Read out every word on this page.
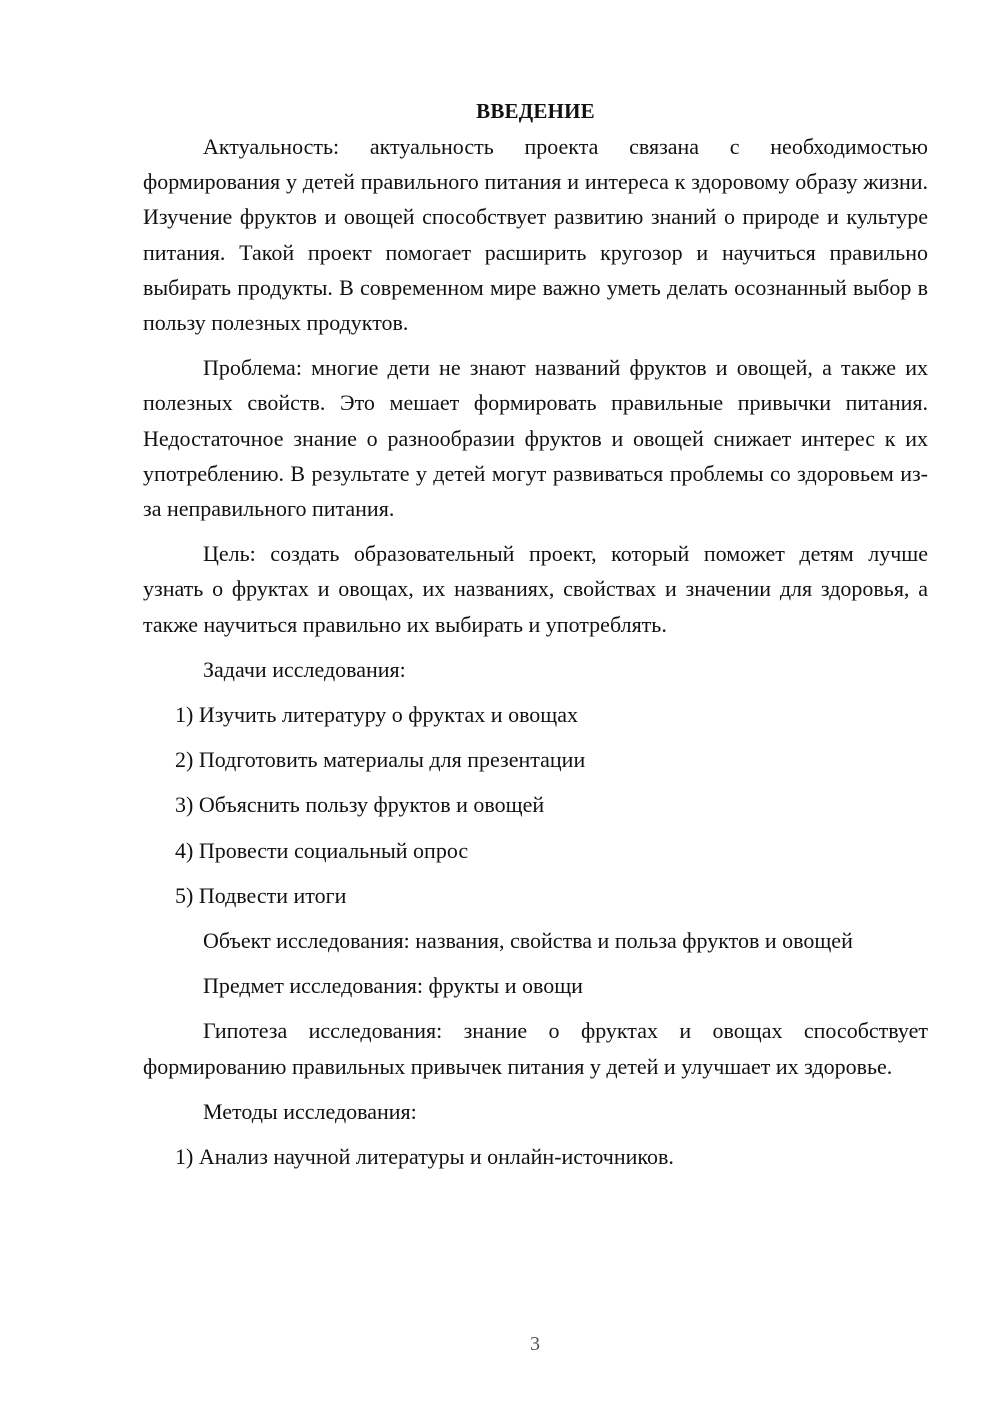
ВВЕДЕНИЕ

Актуальность: актуальность проекта связана с необходимостью формирования у детей правильного питания и интереса к здоровому образу жизни. Изучение фруктов и овощей способствует развитию знаний о природе и культуре питания. Такой проект помогает расширить кругозор и научиться правильно выбирать продукты. В современном мире важно уметь делать осознанный выбор в пользу полезных продуктов.

Проблема: многие дети не знают названий фруктов и овощей, а также их полезных свойств. Это мешает формировать правильные привычки питания. Недостаточное знание о разнообразии фруктов и овощей снижает интерес к их употреблению. В результате у детей могут развиваться проблемы со здоровьем из-за неправильного питания.

Цель: создать образовательный проект, который поможет детям лучше узнать о фруктах и овощах, их названиях, свойствах и значении для здоровья, а также научиться правильно их выбирать и употреблять.

Задачи исследования:

1) Изучить литературу о фруктах и овощах
2) Подготовить материалы для презентации
3) Объяснить пользу фруктов и овощей
4) Провести социальный опрос
5) Подвести итоги

Объект исследования: названия, свойства и польза фруктов и овощей

Предмет исследования: фрукты и овощи

Гипотеза исследования: знание о фруктах и овощах способствует формированию правильных привычек питания у детей и улучшает их здоровье.

Методы исследования:

1) Анализ научной литературы и онлайн-источников.
3
